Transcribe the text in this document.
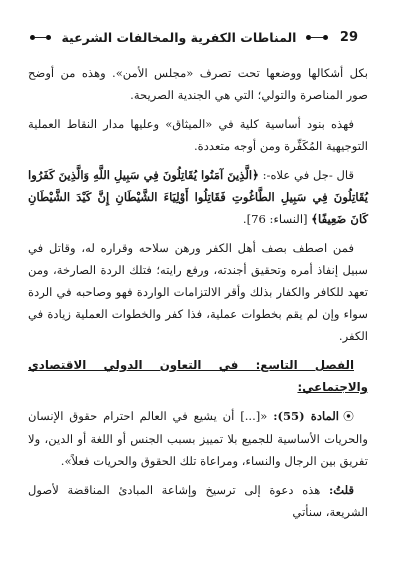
29
المناطات الكفرية والمخالفات الشرعية

بكل أشكالها ووضعها تحت تصرف «مجلس الأمن». وهذه من أوضح صور المناصرة والتولي؛ التي هي الجندية الصريحة.

فهذه بنود أساسية كلية في «الميثاق» وعليها مدار النقاط العملية التوجيهية المُكَفِّرة ومن أوجه متعددة.

قال -جل في علاه-: ﴿الَّذِينَ آمَنُوا يُقَاتِلُونَ فِي سَبِيلِ اللَّهِ وَالَّذِينَ كَفَرُوا يُقَاتِلُونَ فِي سَبِيلِ الطَّاغُوتِ فَقَاتِلُوا أَوْلِيَاءَ الشَّيْطَانِ إِنَّ كَيْدَ الشَّيْطَانِ كَانَ ضَعِيفًا﴾ [النساء: 76].

فمن اصطف بصف أهل الكفر ورهن سلاحه وقراره له، وقاتل في سبيل إنفاذ أمره وتحقيق أجندته، ورفع رايته؛ فتلك الردة الصارخة، ومن تعهد للكافر والكفار بذلك وأقر الالتزامات الواردة فهو وصاحبه في الردة سواء وإن لم يقم بخطوات عملية، فذا كفر والخطوات العملية زيادة في الكفر.

الفصل التاسع: في التعاون الدولي الاقتصادي والاجتماعي:

⦿المادة (55): «[...] أن يشيع في العالم احترام حقوق الإنسان والحريات الأساسية للجميع بلا تمييز بسبب الجنس أو اللغة أو الدين، ولا تفريق بين الرجال والنساء، ومراعاة تلك الحقوق والحريات فعلاً».

قلتُ: هذه دعوة إلى ترسيخ وإشاعة المبادئ المناقضة لأصول الشريعة، سنأتي
